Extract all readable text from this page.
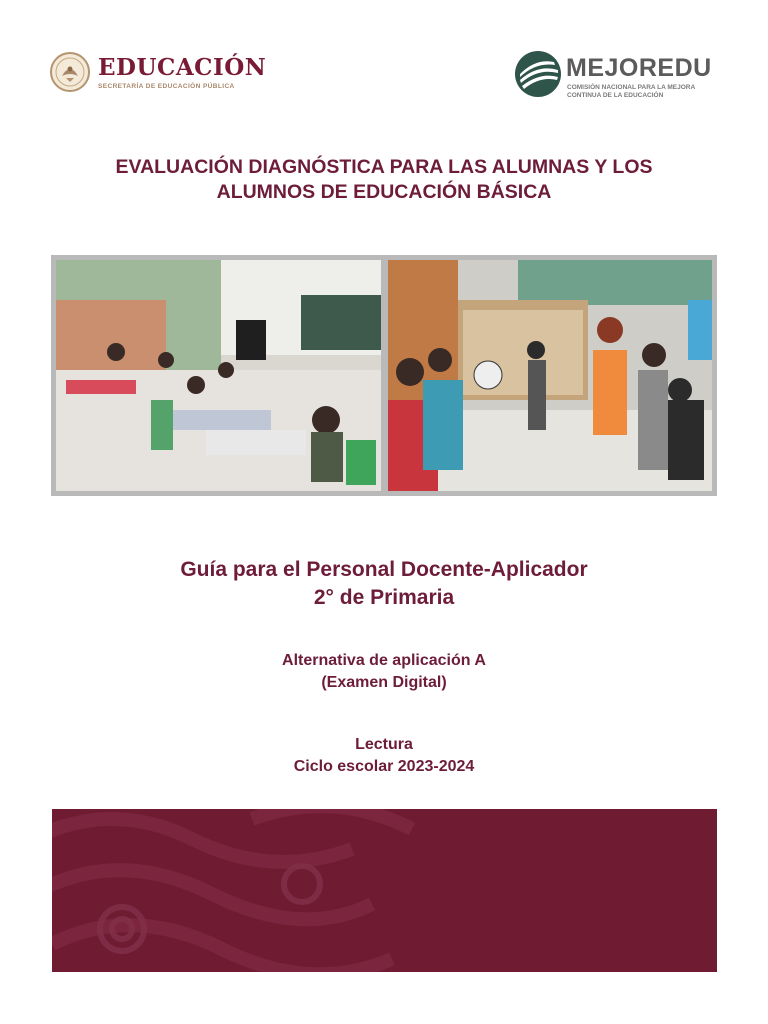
EDUCACIÓN
SECRETARÍA DE EDUCACIÓN PÚBLICA
MEJOREDU
COMISIÓN NACIONAL PARA LA MEJORA
CONTINUA DE LA EDUCACIÓN
EVALUACIÓN DIAGNÓSTICA PARA LAS ALUMNAS Y LOS
ALUMNOS DE EDUCACIÓN BÁSICA
Guía para el Personal Docente-Aplicador
2° de Primaria
Alternativa de aplicación A
(Examen Digital)
Lectura
Ciclo escolar 2023-2024
